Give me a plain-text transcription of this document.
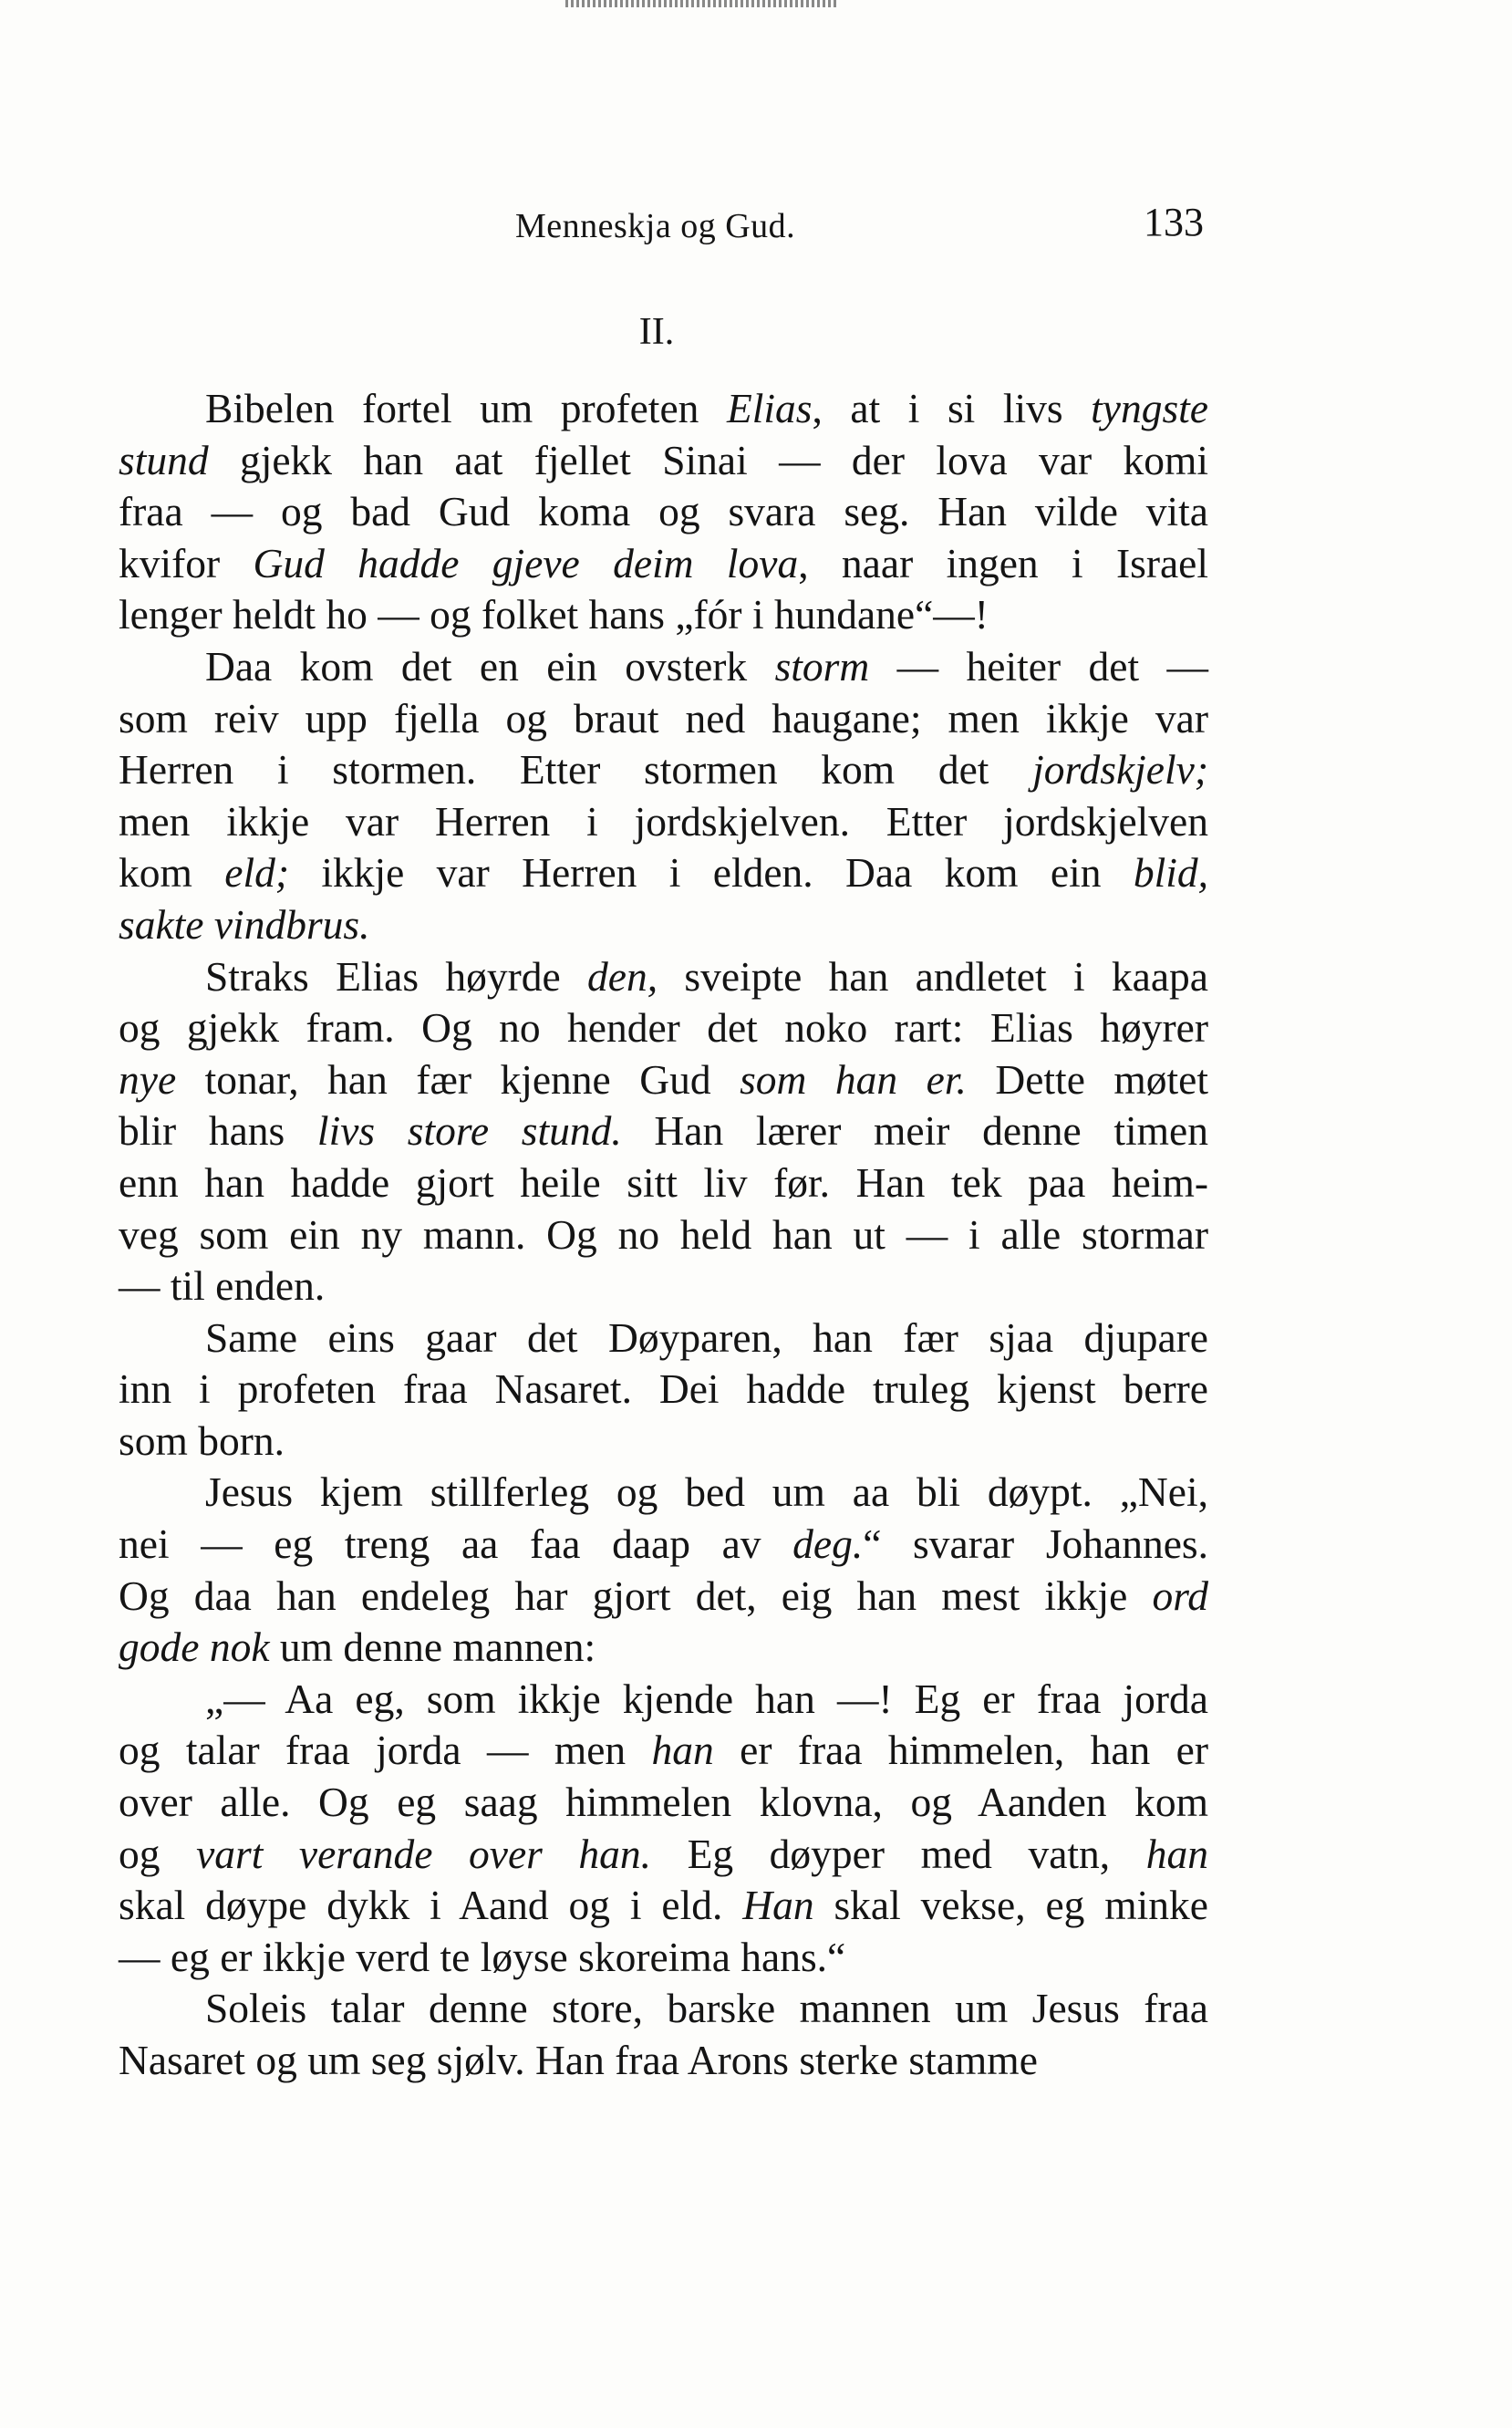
Menneskja og Gud.	133
II.

Bibelen fortel um profeten Elias, at i si livs tyngste
stund gjekk han aat fjellet Sinai — der lova var komi
fraa — og bad Gud koma og svara seg. Han vilde vita
kvifor Gud hadde gjeve deim lova, naar ingen i Israel
lenger heldt ho — og folket hans „fór i hundane“—!

Daa kom det en ein ovsterk storm — heiter det —
som reiv upp fjella og braut ned haugane; men ikkje var
Herren i stormen. Etter stormen kom det jordskjelv;
men ikkje var Herren i jordskjelven. Etter jordskjelven
kom eld; ikkje var Herren i elden. Daa kom ein blid,
sakte vindbrus.

Straks Elias høyrde den, sveipte han andletet i kaapa
og gjekk fram. Og no hender det noko rart: Elias høyrer
nye tonar, han fær kjenne Gud som han er. Dette møtet
blir hans livs store stund. Han lærer meir denne timen
enn han hadde gjort heile sitt liv før. Han tek paa heim-
veg som ein ny mann. Og no held han ut — i alle stormar
— til enden.

Same eins gaar det Døyparen, han fær sjaa djupare
inn i profeten fraa Nasaret. Dei hadde truleg kjenst berre
som born.

Jesus kjem stillferleg og bed um aa bli døypt. „Nei,
nei — eg treng aa faa daap av deg.“ svarar Johannes.
Og daa han endeleg har gjort det, eig han mest ikkje ord
gode nok um denne mannen:

„— Aa eg, som ikkje kjende han —! Eg er fraa jorda
og talar fraa jorda — men han er fraa himmelen, han er
over alle. Og eg saag himmelen klovna, og Aanden kom
og vart verande over han. Eg døyper med vatn, han
skal døype dykk i Aand og i eld. Han skal vekse, eg minke
— eg er ikkje verd te løyse skoreima hans.“

Soleis talar denne store, barske mannen um Jesus fraa
Nasaret og um seg sjølv. Han fraa Arons sterke stamme
